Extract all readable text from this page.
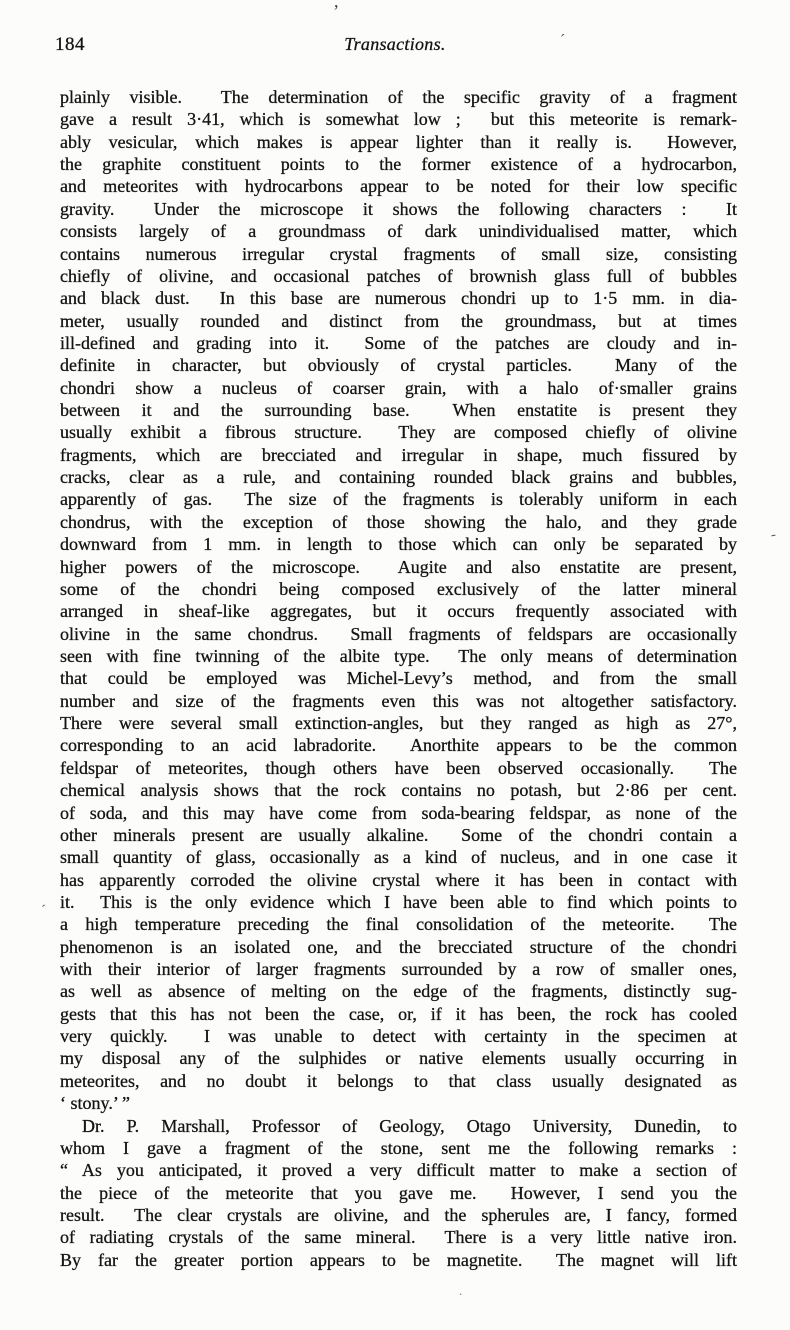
184	Transactions.
plainly visible.  The determination of the specific gravity of a fragment
gave a result 3·41, which is somewhat low ;  but this meteorite is remark-
ably vesicular, which makes is appear lighter than it really is.  However,
the graphite constituent points to the former existence of a hydrocarbon,
and meteorites with hydrocarbons appear to be noted for their low specific
gravity.  Under the microscope it shows the following characters :  It
consists largely of a groundmass of dark unindividualised matter, which
contains numerous irregular crystal fragments of small size, consisting
chiefly of olivine, and occasional patches of brownish glass full of bubbles
and black dust.  In this base are numerous chondri up to 1·5 mm. in dia-
meter, usually rounded and distinct from the groundmass, but at times
ill-defined and grading into it.  Some of the patches are cloudy and in-
definite in character, but obviously of crystal particles.  Many of the
chondri show a nucleus of coarser grain, with a halo of·smaller grains
between it and the surrounding base.  When enstatite is present they
usually exhibit a fibrous structure.  They are composed chiefly of olivine
fragments, which are brecciated and irregular in shape, much fissured by
cracks, clear as a rule, and containing rounded black grains and bubbles,
apparently of gas.  The size of the fragments is tolerably uniform in each
chondrus, with the exception of those showing the halo, and they grade
downward from 1 mm. in length to those which can only be separated by
higher powers of the microscope.  Augite and also enstatite are present,
some of the chondri being composed exclusively of the latter mineral
arranged in sheaf-like aggregates, but it occurs frequently associated with
olivine in the same chondrus.  Small fragments of feldspars are occasionally
seen with fine twinning of the albite type.  The only means of determination
that could be employed was Michel-Levy’s method, and from the small
number and size of the fragments even this was not altogether satisfactory.
There were several small extinction-angles, but they ranged as high as 27°,
corresponding to an acid labradorite.  Anorthite appears to be the common
feldspar of meteorites, though others have been observed occasionally.  The
chemical analysis shows that the rock contains no potash, but 2·86 per cent.
of soda, and this may have come from soda-bearing feldspar, as none of the
other minerals present are usually alkaline.  Some of the chondri contain a
small quantity of glass, occasionally as a kind of nucleus, and in one case it
has apparently corroded the olivine crystal where it has been in contact with
it.  This is the only evidence which I have been able to find which points to
a high temperature preceding the final consolidation of the meteorite.  The
phenomenon is an isolated one, and the brecciated structure of the chondri
with their interior of larger fragments surrounded by a row of smaller ones,
as well as absence of melting on the edge of the fragments, distinctly sug-
gests that this has not been the case, or, if it has been, the rock has cooled
very quickly.  I was unable to detect with certainty in the specimen at
my disposal any of the sulphides or native elements usually occurring in
meteorites, and no doubt it belongs to that class usually designated as
‘ stony.’ ”
Dr. P. Marshall, Professor of Geology, Otago University, Dunedin, to
whom I gave a fragment of the stone, sent me the following remarks :
“ As you anticipated, it proved a very difficult matter to make a section of
the piece of the meteorite that you gave me.  However, I send you the
result.  The clear crystals are olivine, and the spherules are, I fancy, formed
of radiating crystals of the same mineral.  There is a very little native iron.
By far the greater portion appears to be magnetite.  The magnet will lift
,
´
´
-
.
